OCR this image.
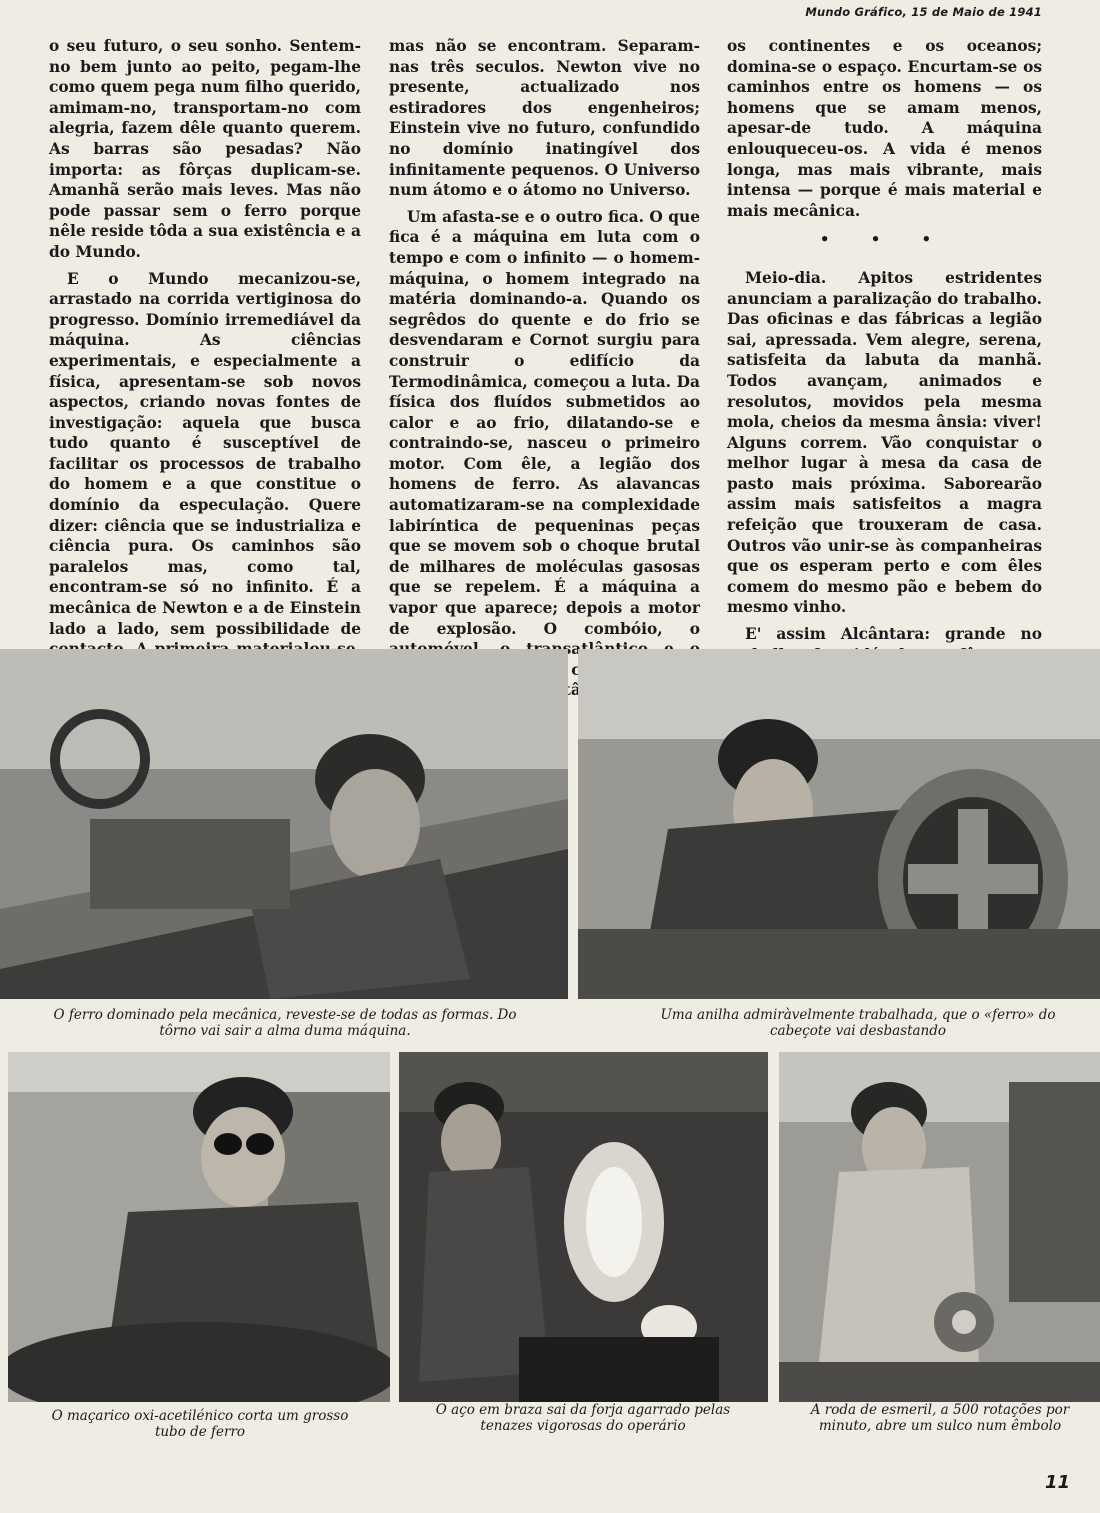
Mundo Gráfico, 15 de Maio de 1941

o seu futuro, o seu sonho. Sentem-no bem junto ao peito, pegam-lhe como quem pega num filho querido, amimam-no, transportam-no com alegria, fazem dêle quanto querem. As barras são pesadas? Não importa: as fôrças duplicam-se. Amanhã serão mais leves. Mas não pode passar sem o ferro porque nêle reside tôda a sua existência e a do Mundo.

E o Mundo mecanizou-se, arrastado na corrida vertiginosa do progresso. Domínio irremediável da máquina. As ciências experimentais, e especialmente a física, apresentam-se sob novos aspectos, criando novas fontes de investigação: aquela que busca tudo quanto é susceptível de facilitar os processos de trabalho do homem e a que constitue o domínio da especulação. Quere dizer: ciência que se industrializa e ciência pura. Os caminhos são paralelos mas, como tal, encontram-se só no infinito. É a mecânica de Newton e a de Einstein lado a lado, sem possibilidade de

mas não se encontram. Separam-nas três seculos. Newton vive no presente, actualizado nos estiradores dos engenheiros; Einstein vive no futuro, confundido no domínio inatingível dos infinitamente pequenos. O Universo num átomo e o átomo no Universo.

Um afasta-se e o outro fica. O que fica é a máquina em luta com o tempo e com o infinito — o homem-máquina, o homem integrado na matéria dominando-a. Quando os segrêdos do quente e do frio se desvendaram e Cornot surgiu para construir o edifício da Termodinâmica, começou a luta. Da física dos fluídos submetidos ao calor e ao frio, dilatando-se e contraindo-se, nasceu o primeiro motor. Com êle, a legião dos homens de ferro. As alavancas automatizaram-se na complexidade labiríntica de pequeninas peças que se movem sob o choque brutal de milhares de moléculas gasosas que se repelem. É a máquina a vapor que aparece; depois a motor de explosão. O combóio, o

os continentes e os oceanos; domina-se o espaço. Encurtam-se os caminhos entre os homens — os homens que se amam menos, apesar-de tudo. A máquina enlouqueceu-os. A vida é menos longa, mas mais vibrante, mais intensa — porque é mais material e mais mecânica.

• • •

Meio-dia. Apitos estridentes anunciam a paralização do trabalho. Das oficinas e das fábricas a legião sai, apressada. Vem alegre, serena, satisfeita da labuta da manhã. Todos avançam, animados e resolutos, movidos pela mesma mola, cheios da mesma ânsia: viver! Alguns correm. Vão conquistar o melhor lugar à mesa da casa de pasto mais próxima. Saborearão assim mais satisfeitos a magra refeição que trouxeram de casa. Outros vão unir-se às companheiras que os esperam perto e com êles comem do mesmo pão e bebem do mesmo vinho.

E' assim Alcântara: grande no

O ferro dominado pela mecânica, reveste-se de todas as formas. Do tôrno vai sair a alma duma máquina.
Uma anilha admiràvelmente trabalhada, que o «ferro» do cabeçote vai desbastando
O maçarico oxi-acetilénico corta um grosso tubo de ferro
O aço em braza sai da forja agarrado pelas tenazes vigorosas do operário
A roda de esmeril, a 500 rotações por minuto, abre um sulco num êmbolo
11
